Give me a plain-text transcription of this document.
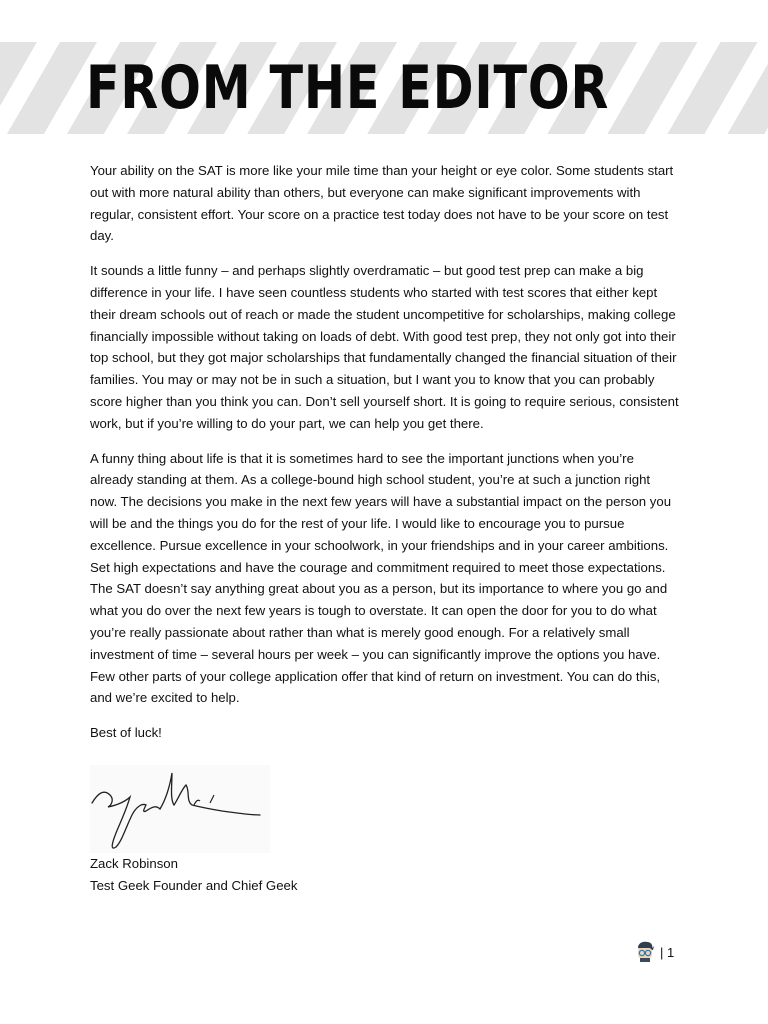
FROM THE EDITOR

Your ability on the SAT is more like your mile time than your height or eye color. Some students start out with more natural ability than others, but everyone can make significant improvements with regular, consistent effort. Your score on a practice test today does not have to be your score on test day.

It sounds a little funny – and perhaps slightly overdramatic – but good test prep can make a big difference in your life. I have seen countless students who started with test scores that either kept their dream schools out of reach or made the student uncompetitive for scholarships, making college financially impossible without taking on loads of debt. With good test prep, they not only got into their top school, but they got major scholarships that fundamentally changed the financial situation of their families. You may or may not be in such a situation, but I want you to know that you can probably score higher than you think you can. Don’t sell yourself short. It is going to require serious, consistent work, but if you’re willing to do your part, we can help you get there.

A funny thing about life is that it is sometimes hard to see the important junctions when you’re already standing at them. As a college-bound high school student, you’re at such a junction right now. The decisions you make in the next few years will have a substantial impact on the person you will be and the things you do for the rest of your life. I would like to encourage you to pursue excellence. Pursue excellence in your schoolwork, in your friendships and in your career ambitions. Set high expectations and have the courage and commitment required to meet those expectations. The SAT doesn’t say anything great about you as a person, but its importance to where you go and what you do over the next few years is tough to overstate. It can open the door for you to do what you’re really passionate about rather than what is merely good enough. For a relatively small investment of time – several hours per week – you can significantly improve the options you have. Few other parts of your college application offer that kind of return on investment. You can do this, and we’re excited to help.

Best of luck!

Zack Robinson
Test Geek Founder and Chief Geek
| 1
